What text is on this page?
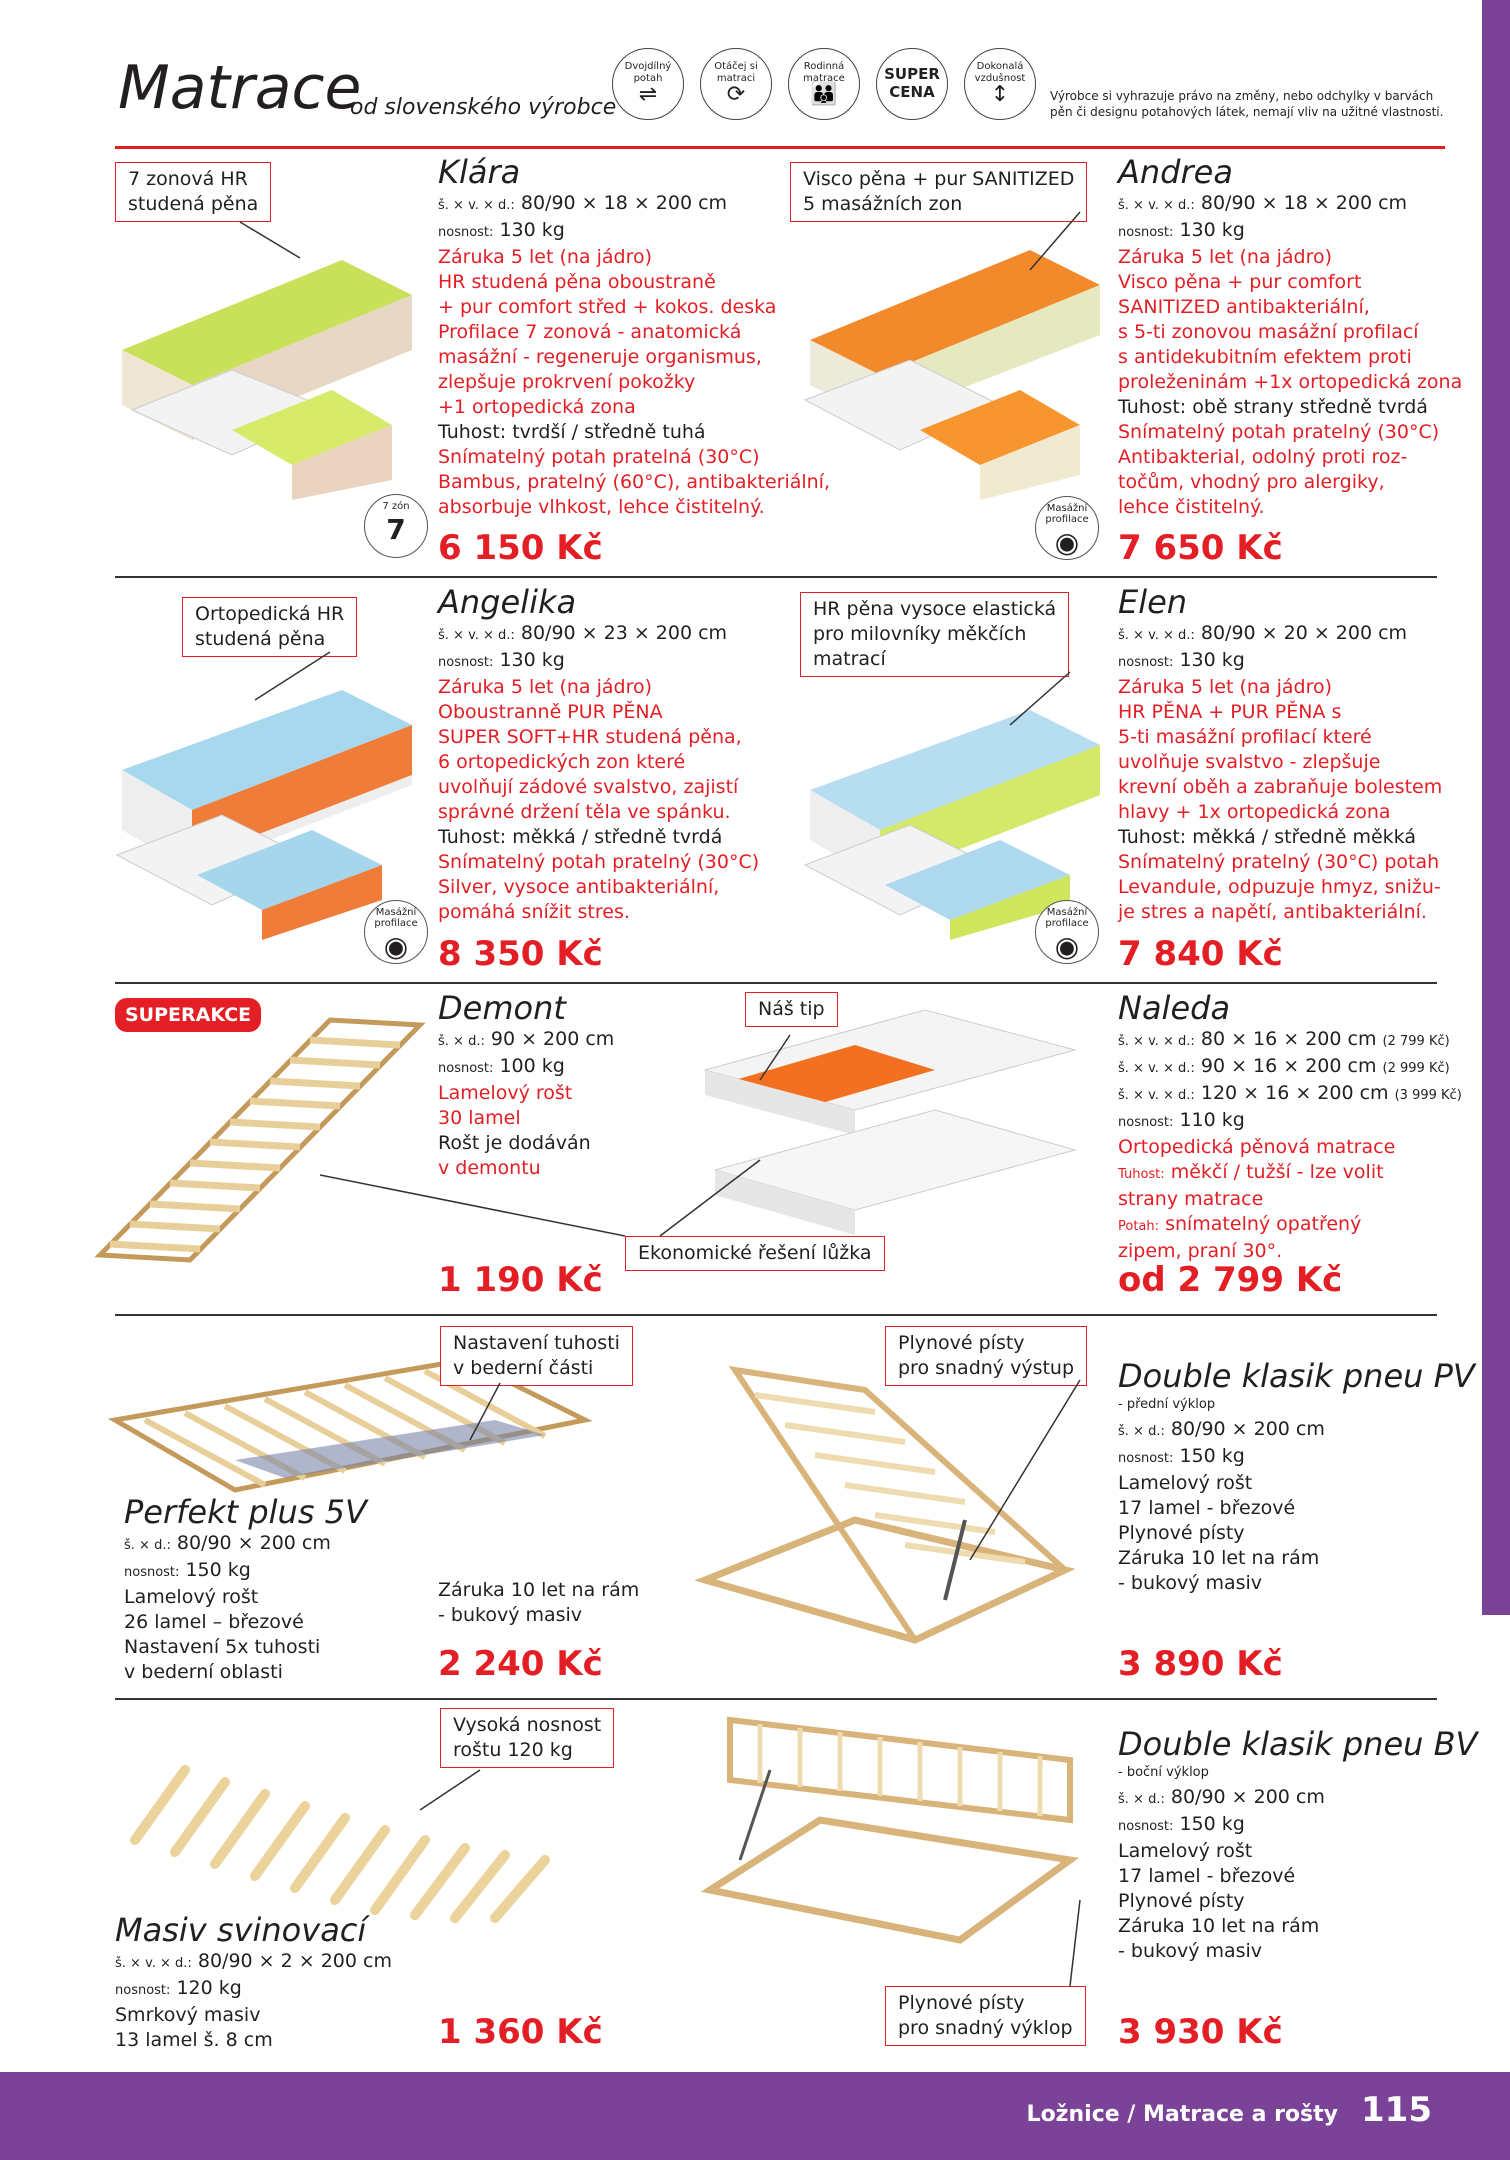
Ložnice / Matrace a rošty 115
Matrace
od slovenského výrobce	Výrobce si vyhrazuje právo na změny, nebo odchylky v barvách pěn či designu potahových látek, nemají vliv na užitné vlastnosti.
Dvojdílný potah
⇌
Otáčej si matraci
⟳
Rodinná matrace
👪
SUPER CENA
Dokonalá vzdušnost
↕
7 zonová HR
studená pěna
7 zón
7
Klára
š. × v. × d.: 80/90 × 18 × 200 cm
nosnost: 130 kg
Záruka 5 let (na jádro)
HR studená pěna oboustraně
+ pur comfort střed + kokos. deska
Profilace 7 zonová - anatomická
masážní - regeneruje organismus,
zlepšuje prokrvení pokožky
+1 ortopedická zona
Tuhost: tvrdší / středně tuhá
Snímatelný potah pratelná (30°C)
Bambus, pratelný (60°C), antibakteriální,
absorbuje vlhkost, lehce čistitelný.
6 150 Kč
Visco pěna + pur SANITIZED
5 masážních zon
Masážní profilace
◉
Andrea
š. × v. × d.: 80/90 × 18 × 200 cm
nosnost: 130 kg
Záruka 5 let (na jádro)
Visco pěna + pur comfort
SANITIZED antibakteriální,
s 5-ti zonovou masážní profilací
s antidekubitním efektem proti
proleženinám +1x ortopedická zona
Tuhost: obě strany středně tvrdá
Snímatelný potah pratelný (30°C)
Antibakterial, odolný proti roz-
točům, vhodný pro alergiky,
lehce čistitelný.
7 650 Kč
Ortopedická HR
studená pěna
Masážní profilace
◉
Angelika
š. × v. × d.: 80/90 × 23 × 200 cm
nosnost: 130 kg
Záruka 5 let (na jádro)
Oboustranně PUR PĚNA
SUPER SOFT+HR studená pěna,
6 ortopedických zon které
uvolňují zádové svalstvo, zajistí
správné držení těla ve spánku.
Tuhost: měkká / středně tvrdá
Snímatelný potah pratelný (30°C)
Silver, vysoce antibakteriální,
pomáhá snížit stres.
8 350 Kč
HR pěna vysoce elastická
pro milovníky měkčích
matrací
Masážní profilace
◉
Elen
š. × v. × d.: 80/90 × 20 × 200 cm
nosnost: 130 kg
Záruka 5 let (na jádro)
HR PĚNA + PUR PĚNA s
5-ti masážní profilací které
uvolňuje svalstvo - zlepšuje
krevní oběh a zabraňuje bolestem
hlavy + 1x ortopedická zona
Tuhost: měkká / středně měkká
Snímatelný pratelný (30°C) potah
Levandule, odpuzuje hmyz, snižu-
je stres a napětí, antibakteriální.
7 840 Kč
SUPERAKCE	Demont
š. × d.: 90 × 200 cm
nosnost: 100 kg
Lamelový rošt
30 lamel
Rošt je dodáván
v demontu
1 190 Kč
Náš tip
Ekonomické řešení lůžka
Naleda
š. × v. × d.: 80 × 16 × 200 cm (2 799 Kč)
š. × v. × d.: 90 × 16 × 200 cm (2 999 Kč)
š. × v. × d.: 120 × 16 × 200 cm (3 999 Kč)
nosnost: 110 kg
Ortopedická pěnová matrace
Tuhost: měkčí / tužší - lze volit
strany matrace
Potah: snímatelný opatřený
zipem, praní 30°.
od 2 799 Kč
Nastavení tuhosti
v bederní části
Perfekt plus 5V
š. × d.: 80/90 × 200 cm
nosnost: 150 kg
Lamelový rošt
26 lamel – březové
Nastavení 5x tuhosti
v bederní oblasti
Záruka 10 let na rám
- bukový masiv
2 240 Kč
Plynové písty
pro snadný výstup Double klasik pneu PV
- přední výklop
š. × d.: 80/90 × 200 cm
nosnost: 150 kg
Lamelový rošt
17 lamel - březové
Plynové písty
Záruka 10 let na rám
- bukový masiv
3 890 Kč
Vysoká nosnost
roštu 120 kg
Masiv svinovací
š. × v. × d.: 80/90 × 2 × 200 cm
nosnost: 120 kg
Smrkový masiv
13 lamel š. 8 cm	1 360 Kč
Plynové písty
pro snadný výklop
Double klasik pneu BV
- boční výklop
š. × d.: 80/90 × 200 cm
nosnost: 150 kg
Lamelový rošt
17 lamel - březové
Plynové písty
Záruka 10 let na rám
- bukový masiv
3 930 Kč
